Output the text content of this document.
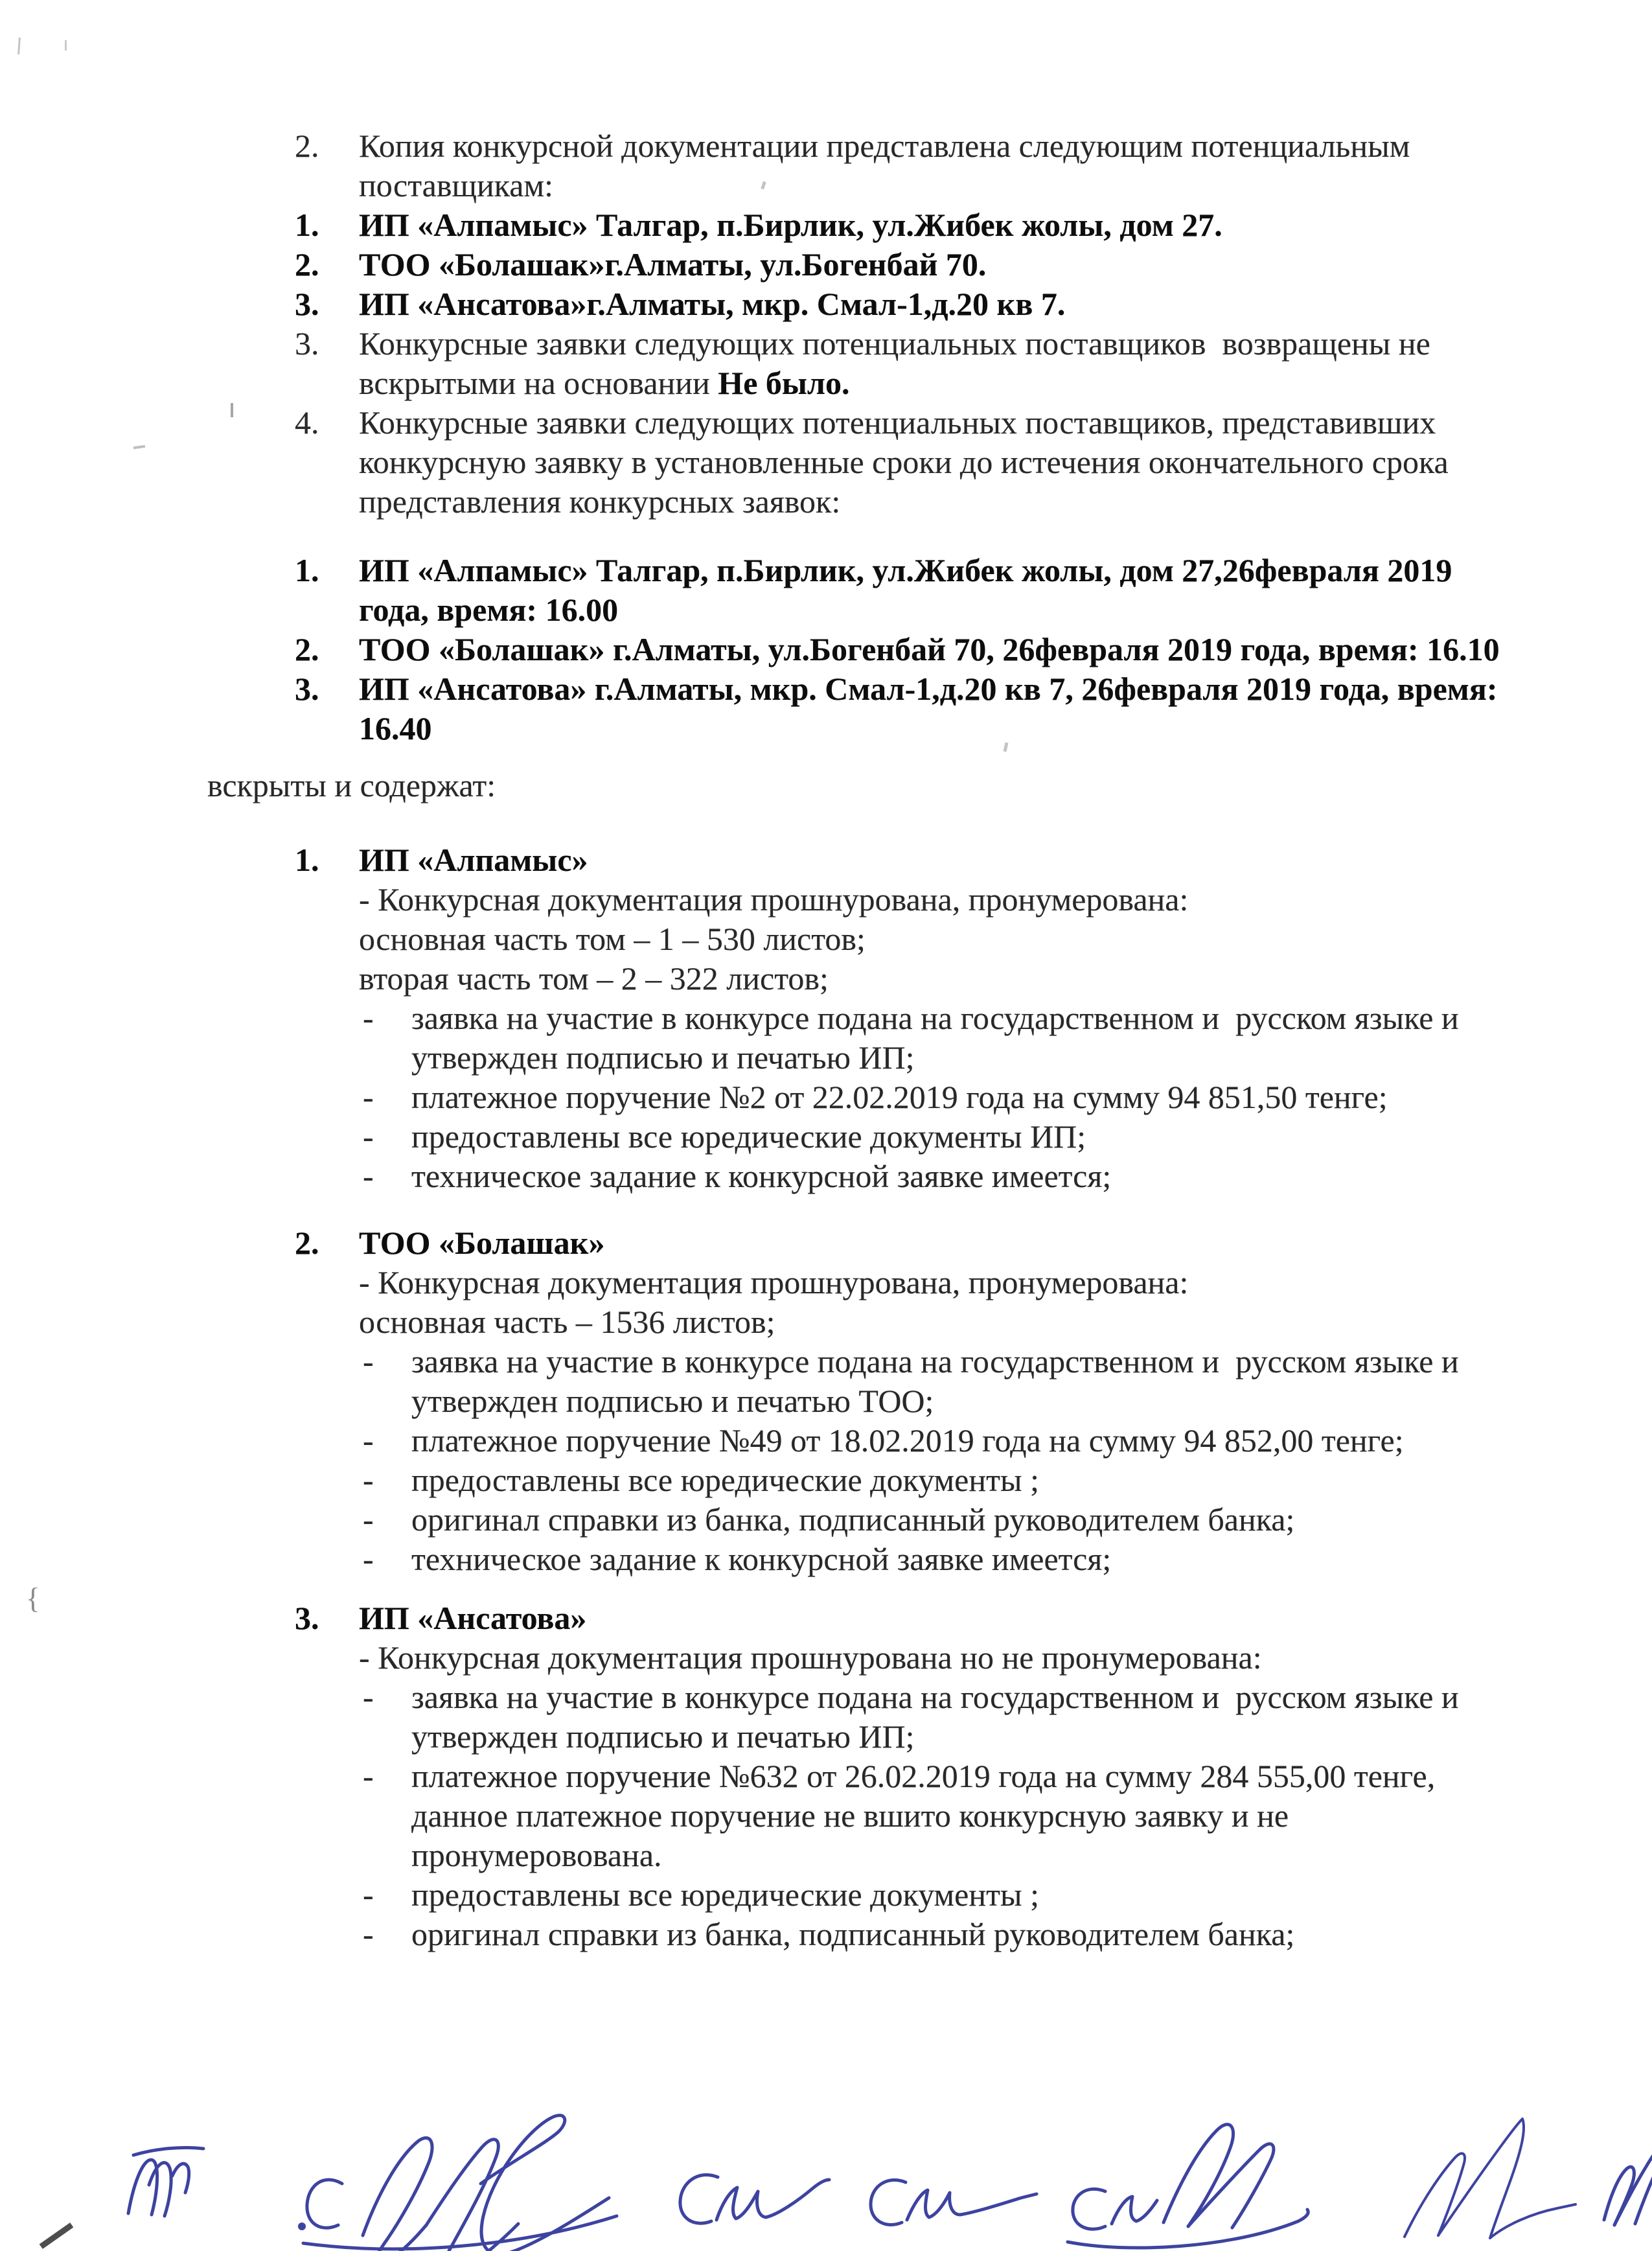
2. Копия конкурсной документации представлена следующим потенциальным
поставщикам:
1. ИП «Алпамыс» Талгар, п.Бирлик, ул.Жибек жолы, дом 27.
2. ТОО «Болашак»г.Алматы, ул.Богенбай 70.
3. ИП «Ансатова»г.Алматы, мкр. Смал-1,д.20 кв 7.
3. Конкурсные заявки следующих потенциальных поставщиков  возвращены не
вскрытыми на основании Не было.
4. Конкурсные заявки следующих потенциальных поставщиков, представивших
конкурсную заявку в установленные сроки до истечения окончательного срока
представления конкурсных заявок:
1. ИП «Алпамыс» Талгар, п.Бирлик, ул.Жибек жолы, дом 27,26февраля 2019
года, время: 16.00
2. ТОО «Болашак» г.Алматы, ул.Богенбай 70, 26февраля 2019 года, время: 16.10
3. ИП «Ансатова» г.Алматы, мкр. Смал-1,д.20 кв 7, 26февраля 2019 года, время:
16.40
вскрыты и содержат:
1. ИП «Алпамыс»
- Конкурсная документация прошнурована, пронумерована:
основная часть том – 1 – 530 листов;
вторая часть том – 2 – 322 листов;
- заявка на участие в конкурсе подана на государственном и  русском языке и
утвержден подписью и печатью ИП;
- платежное поручение №2 от 22.02.2019 года на сумму 94 851,50 тенге;
- предоставлены все юредические документы ИП;
- техническое задание к конкурсной заявке имеется;
2. ТОО «Болашак»
- Конкурсная документация прошнурована, пронумерована:
основная часть – 1536 листов;
- заявка на участие в конкурсе подана на государственном и  русском языке и
утвержден подписью и печатью ТОО;
- платежное поручение №49 от 18.02.2019 года на сумму 94 852,00 тенге;
- предоставлены все юредические документы ;
- оригинал справки из банка, подписанный руководителем банка;
- техническое задание к конкурсной заявке имеется;
3. ИП «Ансатова»
- Конкурсная документация прошнурована но не пронумерована:
- заявка на участие в конкурсе подана на государственном и  русском языке и
утвержден подписью и печатью ИП;
- платежное поручение №632 от 26.02.2019 года на сумму 284 555,00 тенге,
данное платежное поручение не вшито конкурсную заявку и не
пронумеровована.
- предоставлены все юредические документы ;
- оригинал справки из банка, подписанный руководителем банка;
{
